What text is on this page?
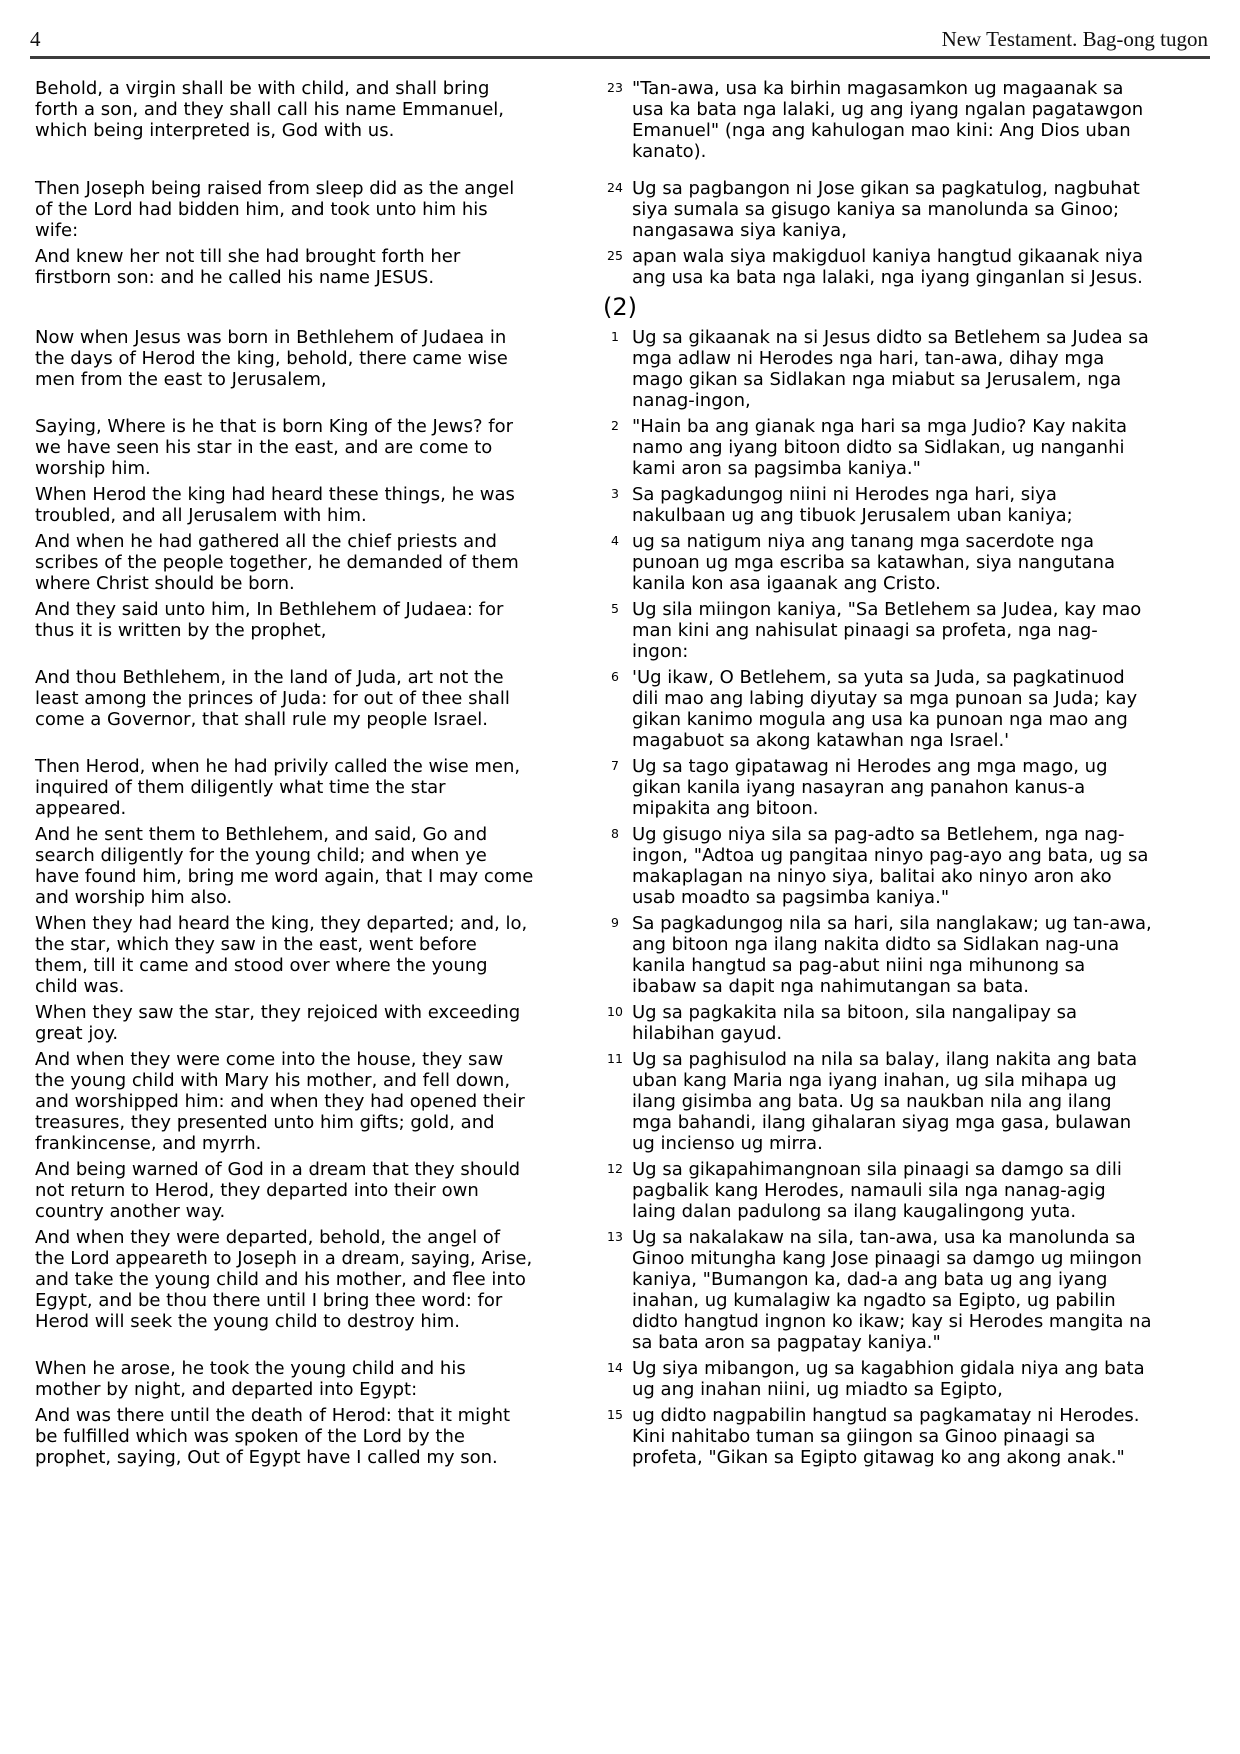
4	New Testament. Bag-ong tugon
Behold, a virgin shall be with child, and shall bring forth a son, and they shall call his name Emmanuel, which being interpreted is, God with us.
23 "Tan-awa, usa ka birhin magasamkon ug magaanak sa usa ka bata nga lalaki, ug ang iyang ngalan pagatawgon Emanuel" (nga ang kahulogan mao kini: Ang Dios uban kanato).
Then Joseph being raised from sleep did as the angel of the Lord had bidden him, and took unto him his wife:
24 Ug sa pagbangon ni Jose gikan sa pagkatulog, nagbuhat siya sumala sa gisugo kaniya sa manolunda sa Ginoo; nangasawa siya kaniya,
And knew her not till she had brought forth her firstborn son: and he called his name JESUS.
25 apan wala siya makigduol kaniya hangtud gikaanak niya ang usa ka bata nga lalaki, nga iyang ginganlan si Jesus.
(2)
Now when Jesus was born in Bethlehem of Judaea in the days of Herod the king, behold, there came wise men from the east to Jerusalem,
1 Ug sa gikaanak na si Jesus didto sa Betlehem sa Judea sa mga adlaw ni Herodes nga hari, tan-awa, dihay mga mago gikan sa Sidlakan nga miabut sa Jerusalem, nga nanag-ingon,
Saying, Where is he that is born King of the Jews? for we have seen his star in the east, and are come to worship him.
2 "Hain ba ang gianak nga hari sa mga Judio? Kay nakita namo ang iyang bitoon didto sa Sidlakan, ug nanganhi kami aron sa pagsimba kaniya."
When Herod the king had heard these things, he was troubled, and all Jerusalem with him.
3 Sa pagkadungog niini ni Herodes nga hari, siya nakulbaan ug ang tibuok Jerusalem uban kaniya;
And when he had gathered all the chief priests and scribes of the people together, he demanded of them where Christ should be born.
4 ug sa natigum niya ang tanang mga sacerdote nga punoan ug mga escriba sa katawhan, siya nangutana kanila kon asa igaanak ang Cristo.
And they said unto him, In Bethlehem of Judaea: for thus it is written by the prophet,
5 Ug sila miingon kaniya, "Sa Betlehem sa Judea, kay mao man kini ang nahisulat pinaagi sa profeta, nga nag-ingon:
And thou Bethlehem, in the land of Juda, art not the least among the princes of Juda: for out of thee shall come a Governor, that shall rule my people Israel.
6 'Ug ikaw, O Betlehem, sa yuta sa Juda, sa pagkatinuod dili mao ang labing diyutay sa mga punoan sa Juda; kay gikan kanimo mogula ang usa ka punoan nga mao ang magabuot sa akong katawhan nga Israel.'
Then Herod, when he had privily called the wise men, inquired of them diligently what time the star appeared.
7 Ug sa tago gipatawag ni Herodes ang mga mago, ug gikan kanila iyang nasayran ang panahon kanus-a mipakita ang bitoon.
And he sent them to Bethlehem, and said, Go and search diligently for the young child; and when ye have found him, bring me word again, that I may come and worship him also.
8 Ug gisugo niya sila sa pag-adto sa Betlehem, nga nag-ingon, "Adtoa ug pangitaa ninyo pag-ayo ang bata, ug sa makaplagan na ninyo siya, balitai ako ninyo aron ako usab moadto sa pagsimba kaniya."
When they had heard the king, they departed; and, lo, the star, which they saw in the east, went before them, till it came and stood over where the young child was.
9 Sa pagkadungog nila sa hari, sila nanglakaw; ug tan-awa, ang bitoon nga ilang nakita didto sa Sidlakan nag-una kanila hangtud sa pag-abut niini nga mihunong sa ibabaw sa dapit nga nahimutangan sa bata.
When they saw the star, they rejoiced with exceeding great joy.
10 Ug sa pagkakita nila sa bitoon, sila nangalipay sa hilabihan gayud.
And when they were come into the house, they saw the young child with Mary his mother, and fell down, and worshipped him: and when they had opened their treasures, they presented unto him gifts; gold, and frankincense, and myrrh.
11 Ug sa paghisulod na nila sa balay, ilang nakita ang bata uban kang Maria nga iyang inahan, ug sila mihapa ug ilang gisimba ang bata. Ug sa naukban nila ang ilang mga bahandi, ilang gihalaran siyag mga gasa, bulawan ug incienso ug mirra.
And being warned of God in a dream that they should not return to Herod, they departed into their own country another way.
12 Ug sa gikapahimangnoan sila pinaagi sa damgo sa dili pagbalik kang Herodes, namauli sila nga nanag-agig laing dalan padulong sa ilang kaugalingong yuta.
And when they were departed, behold, the angel of the Lord appeareth to Joseph in a dream, saying, Arise, and take the young child and his mother, and flee into Egypt, and be thou there until I bring thee word: for Herod will seek the young child to destroy him.
13 Ug sa nakalakaw na sila, tan-awa, usa ka manolunda sa Ginoo mitungha kang Jose pinaagi sa damgo ug miingon kaniya, "Bumangon ka, dad-a ang bata ug ang iyang inahan, ug kumalagiw ka ngadto sa Egipto, ug pabilin didto hangtud ingnon ko ikaw; kay si Herodes mangita na sa bata aron sa pagpatay kaniya."
When he arose, he took the young child and his mother by night, and departed into Egypt:
14 Ug siya mibangon, ug sa kagabhion gidala niya ang bata ug ang inahan niini, ug miadto sa Egipto,
And was there until the death of Herod: that it might be fulfilled which was spoken of the Lord by the prophet, saying, Out of Egypt have I called my son.
15 ug didto nagpabilin hangtud sa pagkamatay ni Herodes. Kini nahitabo tuman sa giingon sa Ginoo pinaagi sa profeta, "Gikan sa Egipto gitawag ko ang akong anak."
